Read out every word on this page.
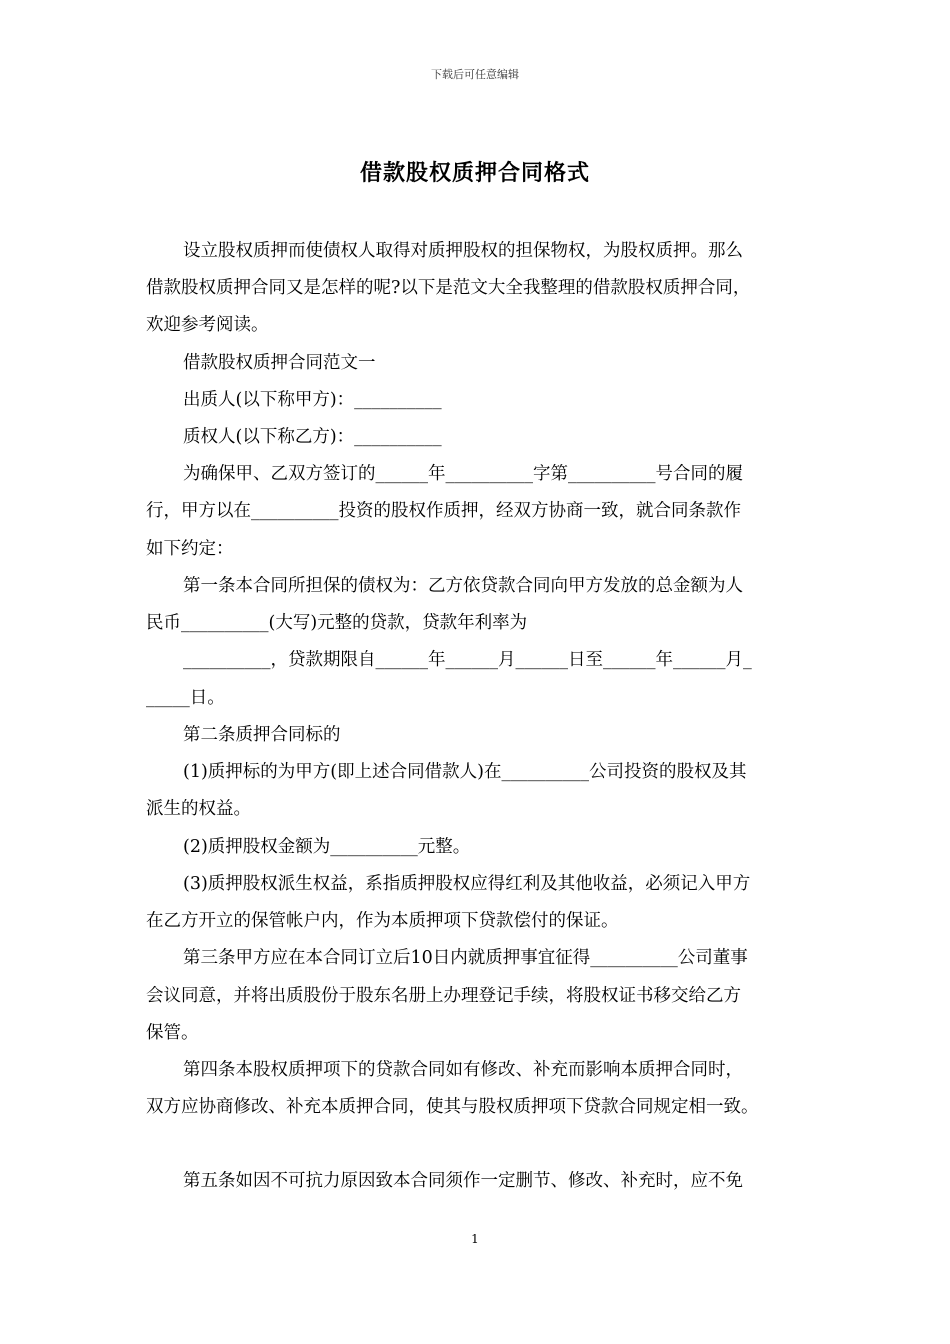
下载后可任意编辑
借款股权质押合同格式
设立股权质押而使债权人取得对质押股权的担保物权，为股权质押。那么
借款股权质押合同又是怎样的呢?以下是范文大全我整理的借款股权质押合同，
欢迎参考阅读。
借款股权质押合同范文一
出质人(以下称甲方)：__________
质权人(以下称乙方)：__________
为确保甲、乙双方签订的______年__________字第__________号合同的履
行，甲方以在__________投资的股权作质押，经双方协商一致，就合同条款作
如下约定：
第一条本合同所担保的债权为：乙方依贷款合同向甲方发放的总金额为人
民币__________(大写)元整的贷款，贷款年利率为
__________，贷款期限自______年______月______日至______年______月_
_____日。
第二条质押合同标的
(1)质押标的为甲方(即上述合同借款人)在__________公司投资的股权及其
派生的权益。
(2)质押股权金额为__________元整。
(3)质押股权派生权益，系指质押股权应得红利及其他收益，必须记入甲方
在乙方开立的保管帐户内，作为本质押项下贷款偿付的保证。
第三条甲方应在本合同订立后10日内就质押事宜征得__________公司董事
会议同意，并将出质股份于股东名册上办理登记手续，将股权证书移交给乙方
保管。
第四条本股权质押项下的贷款合同如有修改、补充而影响本质押合同时，
双方应协商修改、补充本质押合同，使其与股权质押项下贷款合同规定相一致。
第五条如因不可抗力原因致本合同须作一定删节、修改、补充时，应不免
1
